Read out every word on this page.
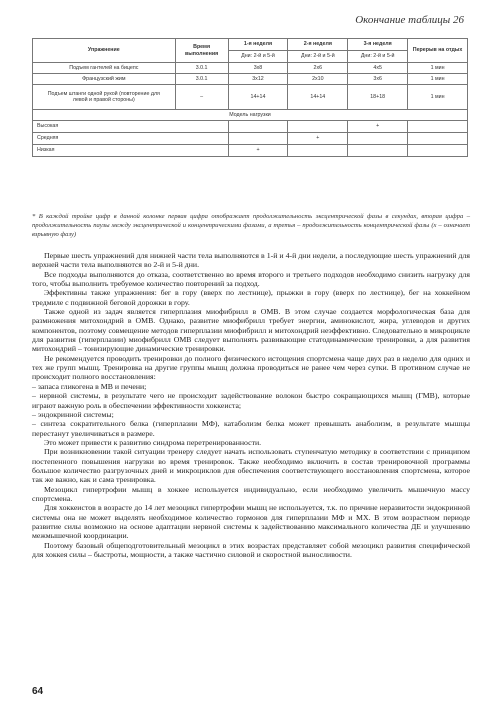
Окончание таблицы 26
Упражнение	Время выполнения	1-я неделя	2-я неделя	3-я неделя	Перерыв на отдых
		Дни: 2-й и 5-й	Дни: 2-й и 5-й	Дни: 2-й и 5-й	
Подъем гантелей на бицепс	3.0.1	3х8	2х6	4х5	1 мин
Французский жим	3.0.1	3х12	2х10	3х6	1 мин
Подъем штанги одной рукой (повторение для левой и правой стороны)	–	14+14	14+14	18+18	1 мин
Модель нагрузки					
Высокая				+	
Средняя			+		
Низкая		+			
* В каждой тройке цифр в данной колонке первая цифра отображает продолжительность эксцентрической фазы в секундах, вторая цифра – продолжительность паузы между эксцентрической и концентрическими фазами, а третья – продолжительность концентрической фазы (х – означает взрывную фазу)

Первые шесть упражнений для нижней части тела выполняются в 1-й и 4-й дни недели, а последующие шесть упражнений для верхней части тела выполняются во 2-й и 5-й дни.

Все подходы выполняются до отказа, соответственно во время второго и третьего подходов необходимо снизить нагрузку для того, чтобы выполнить требуемое количество повторений за подход.

Эффективны также упражнения: бег в гору (вверх по лестнице), прыжки в гору (вверх по лестнице), бег на хоккейном тредмиле с подвижной беговой дорожки в гору.

Также одной из задач является гиперплазия миофибрилл в ОМВ. В этом случае создается морфологическая база для размножения митохондрий в ОМВ. Однако, развитие миофибрилл требует энергии, аминокислот, жира, углеводов и других компонентов, поэтому совмещение методов гиперплазии миофибрилл и митохондрий неэффективно. Следовательно в микроцикле для развития (гиперплазии) миофибрилл ОМВ следует выполнять развивающие статодинамические тренировки, а для развития митохондрий – тонизирующие динамические тренировки.

Не рекомендуется проводить тренировки до полного физического истощения спортсмена чаще двух раз в неделю для одних и тех же групп мышц. Тренировка на другие группы мышц должна проводиться не ранее чем через сутки. В противном случае не происходит полного восстановления:

– запаса гликогена в МВ и печени;

– нервной системы, в результате чего не происходит задействование волокон быстро сокращающихся мышц (ГМВ), которые играют важную роль в обеспечении эффективности хоккеиста;

– эндокринной системы;

– синтеза сократительного белка (гиперплазии МФ), катаболизм белка может превышать анаболизм, в результате мышцы перестанут увеличиваться в размере.

Это может привести к развитию синдрома перетренированности.

При возникновении такой ситуации тренеру следует начать использовать ступенчатую методику в соответствии с принципом постепенного повышения нагрузки во время тренировок. Также необходимо включить в состав тренировочной программы большое количество разгрузочных дней и микроциклов для обеспечения соответствующего восстановления спортсмена, которое так же важно, как и сама тренировка.

Мезоцикл гипертрофии мышц в хоккее используется индивидуально, если необходимо увеличить мышечную массу спортсмена.

Для хоккеистов в возрасте до 14 лет мезоцикл гипертрофии мышц не используется, т.к. по причине неразвитости эндокринной системы она не может выделять необходимое количество гормонов для гиперплазии МФ и МХ. В этом возрастном периоде развитие силы возможно на основе адаптации нервной системы к задействованию максимального количества ДЕ и улучшению межмышечной координации.

Поэтому базовый общеподготовительный мезоцикл в этих возрастах представляет собой мезоцикл развития специфической для хоккея силы – быстроты, мощности, а также частично силовой и скоростной выносливости.

64
